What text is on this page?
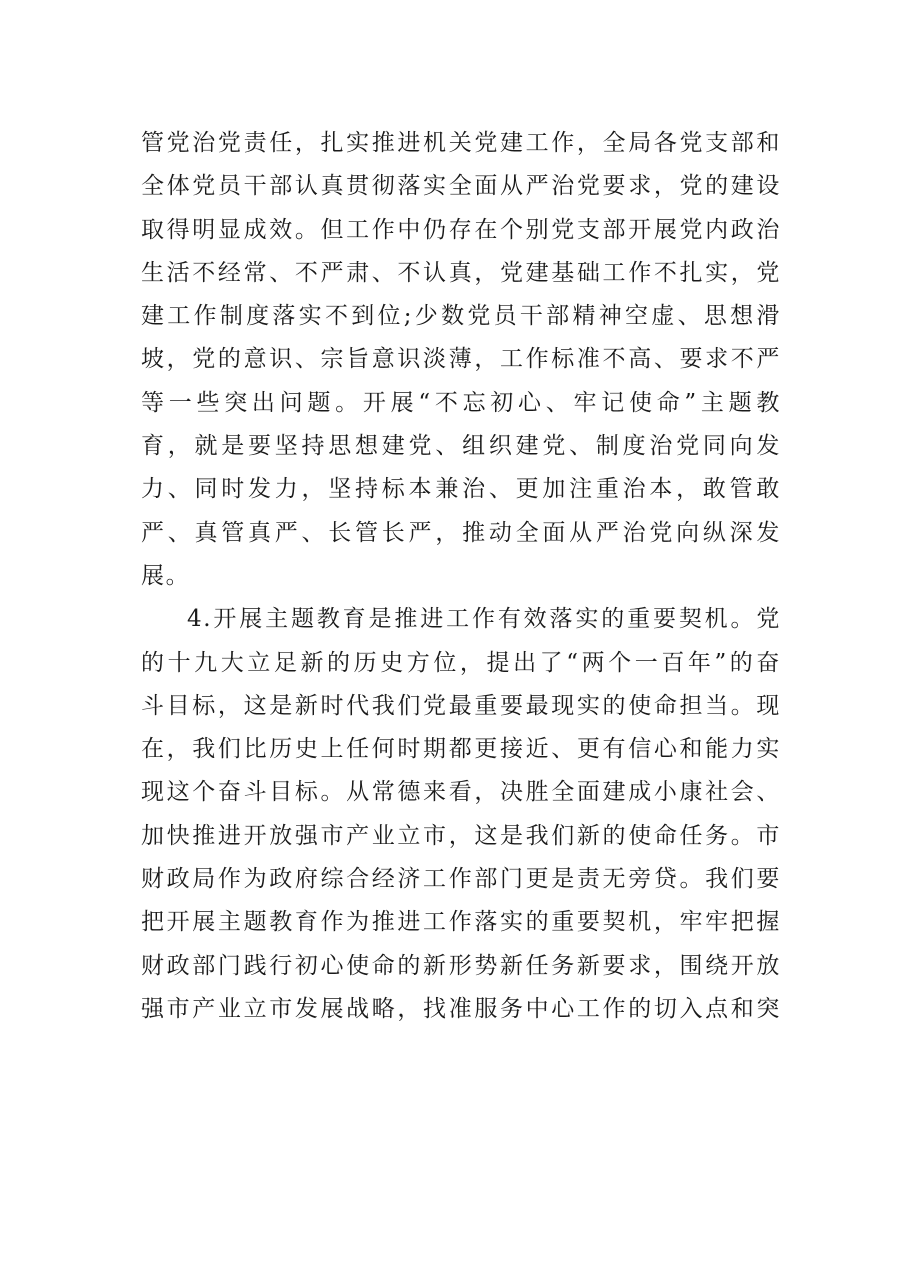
管党治党责任，扎实推进机关党建工作，全局各党支部和
全体党员干部认真贯彻落实全面从严治党要求，党的建设
取得明显成效。但工作中仍存在个别党支部开展党内政治
生活不经常、不严肃、不认真，党建基础工作不扎实，党
建工作制度落实不到位;少数党员干部精神空虚、思想滑
坡，党的意识、宗旨意识淡薄，工作标准不高、要求不严
等一些突出问题。开展“不忘初心、牢记使命”主题教
育，就是要坚持思想建党、组织建党、制度治党同向发
力、同时发力，坚持标本兼治、更加注重治本，敢管敢
严、真管真严、长管长严，推动全面从严治党向纵深发
展。
4.开展主题教育是推进工作有效落实的重要契机。党
的十九大立足新的历史方位，提出了“两个一百年”的奋
斗目标，这是新时代我们党最重要最现实的使命担当。现
在，我们比历史上任何时期都更接近、更有信心和能力实
现这个奋斗目标。从常德来看，决胜全面建成小康社会、
加快推进开放强市产业立市，这是我们新的使命任务。市
财政局作为政府综合经济工作部门更是责无旁贷。我们要
把开展主题教育作为推进工作落实的重要契机，牢牢把握
财政部门践行初心使命的新形势新任务新要求，围绕开放
强市产业立市发展战略，找准服务中心工作的切入点和突
